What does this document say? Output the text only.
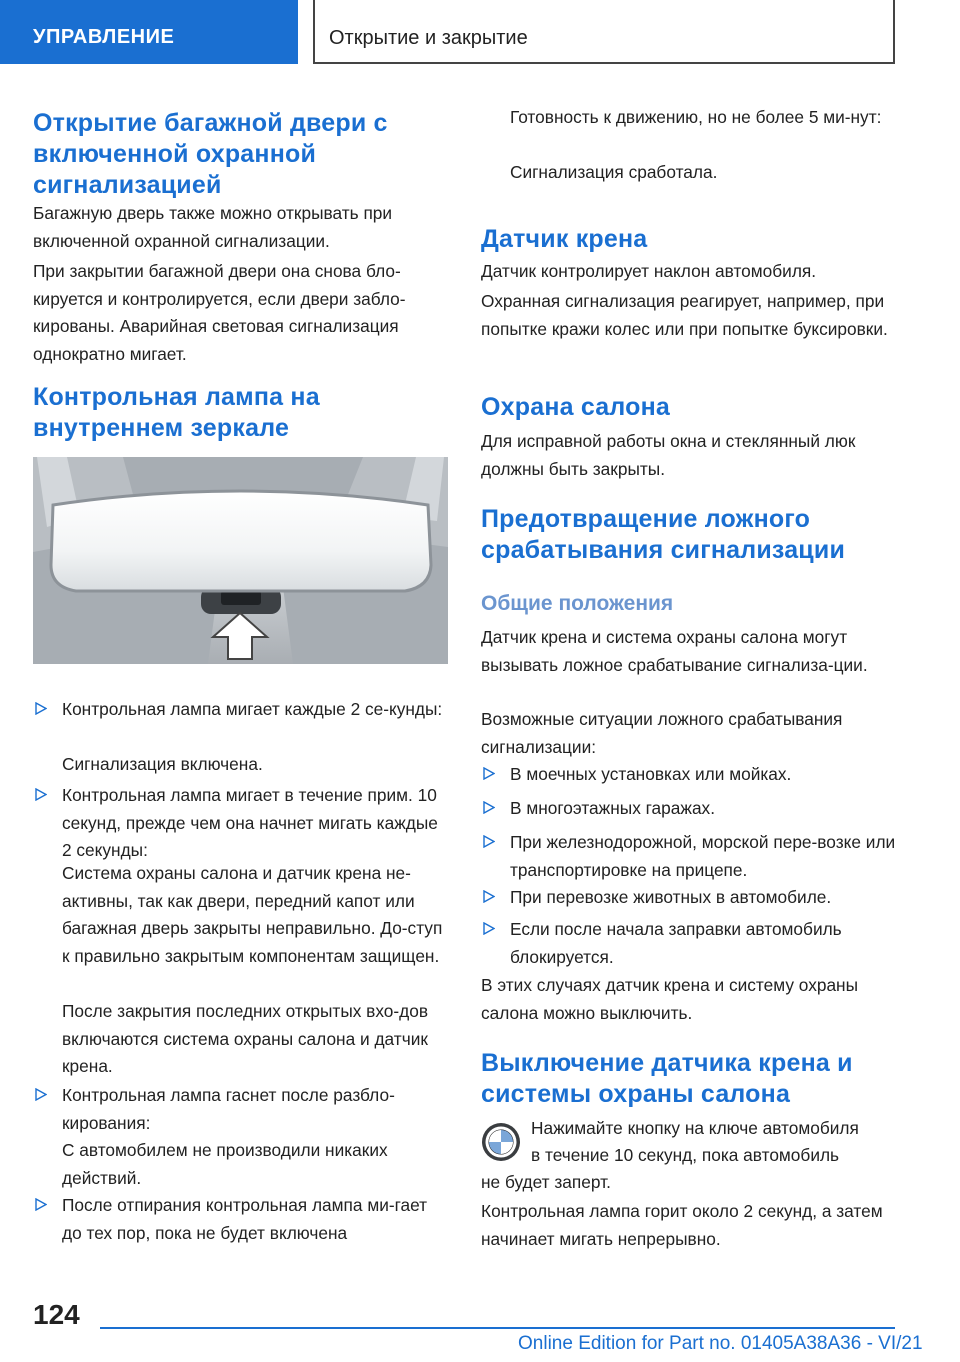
УПРАВЛЕНИЕ	Открытие и закрытие
Открытие багажной двери с включенной охранной сигнализацией
Багажную дверь также можно открывать при включенной охранной сигнализации.
При закрытии багажной двери она снова бло-кируется и контролируется, если двери забло-кированы. Аварийная световая сигнализация однократно мигает.
Контрольная лампа на внутреннем зеркале
Контрольная лампа мигает каждые 2 се-кунды:
Сигнализация включена.
Контрольная лампа мигает в течение прим. 10 секунд, прежде чем она начнет мигать каждые 2 секунды:
Система охраны салона и датчик крена не-активны, так как двери, передний капот или багажная дверь закрыты неправильно. До-ступ к правильно закрытым компонентам защищен.
После закрытия последних открытых вхо-дов включаются система охраны салона и датчик крена.
Контрольная лампа гаснет после разбло-кирования:
С автомобилем не производили никаких действий.
После отпирания контрольная лампа ми-гает до тех пор, пока не будет включена
Готовность к движению, но не более 5 ми-нут:
Сигнализация сработала.
Датчик крена
Датчик контролирует наклон автомобиля.
Охранная сигнализация реагирует, например, при попытке кражи колес или при попытке буксировки.
Охрана салона
Для исправной работы окна и стеклянный люк должны быть закрыты.
Предотвращение ложного срабатывания сигнализации
Общие положения
Датчик крена и система охраны салона могут вызывать ложное срабатывание сигнализа-ции.
Возможные ситуации ложного срабатывания сигнализации:
В моечных установках или мойках.
В многоэтажных гаражах.
При железнодорожной, морской пере-возке или транспортировке на прицепе.
При перевозке животных в автомобиле.
Если после начала заправки автомобиль блокируется.
В этих случаях датчик крена и систему охраны салона можно выключить.
Выключение датчика крена и системы охраны салона
Нажимайте кнопку на ключе автомобиля
в течение 10 секунд, пока автомобиль
не будет заперт.
Контрольная лампа горит около 2 секунд, а затем начинает мигать непрерывно.
124
Online Edition for Part no. 01405A38A36 - VI/21
